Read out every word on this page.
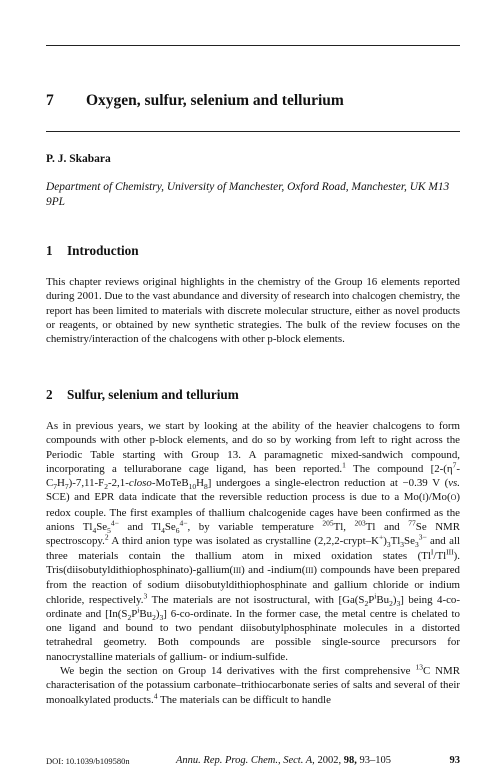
7 Oxygen, sulfur, selenium and tellurium
P. J. Skabara
Department of Chemistry, University of Manchester, Oxford Road, Manchester, UK M13 9PL
1 Introduction

This chapter reviews original highlights in the chemistry of the Group 16 elements reported during 2001. Due to the vast abundance and diversity of research into chalcogen chemistry, the report has been limited to materials with discrete molecular structure, either as novel products or reagents, or obtained by new synthetic strategies. The bulk of the review focuses on the chemistry/interaction of the chalcogens with other p-block elements.

2 Sulfur, selenium and tellurium

As in previous years, we start by looking at the ability of the heavier chalcogens to form compounds with other p-block elements, and do so by working from left to right across the Periodic Table starting with Group 13. A paramagnetic mixed-sandwich compound, incorporating a telluraborane cage ligand, has been reported.$^1$ The compound $[2-(\eta^7-C_7H_7)-7,11-F_2-2,1-closo-MoTeB_{10}H_8]$ undergoes a single-electron reduction at −0.39 V (vs. SCE) and EPR data indicate that the reversible reduction process is due to a Mo(I)/Mo(O) redox couple. The first examples of thallium chalcogenide cages have been confirmed as the anions $Tl_4Se_5^{4-}$ and $Tl_4Se_6^{4-}$, by variable temperature $^{205}$Tl, $^{203}$Tl and $^{77}$Se NMR spectroscopy.$^2$ A third anion type was isolated as crystalline $(2,2,2-crypt-K^+)_3Tl_3Se_3^{3-}$ and all three materials contain the thallium atom in mixed oxidation states $(Tl^I/Tl^{III})$. Tris(diisobutyldithiophosphinato)-gallium(III) and -indium(III) compounds have been prepared from the reaction of sodium diisobutyldithiophosphinate and gallium chloride or indium chloride, respectively.$^3$ The materials are not isostructural, with $[Ga(S_2P^iBu_2)_3]$ being 4-co-ordinate and $[In(S_2P^iBu_2)_3]$ 6-co-ordinate. In the former case, the metal centre is chelated to one ligand and bound to two pendant diisobutylphosphinate molecules in a distorted tetrahedral geometry. Both compounds are possible single-source precursors for nanocrystalline materials of gallium- or indium-sulfide.

We begin the section on Group 14 derivatives with the first comprehensive $^{13}$C NMR characterisation of the potassium carbonate–trithiocarbonate series of salts and several of their monoalkylated products.$^4$ The materials can be difficult to handle

DOI: 10.1039/b109580n	Annu. Rep. Prog. Chem., Sect. A, 2002, 98, 93–105	93
